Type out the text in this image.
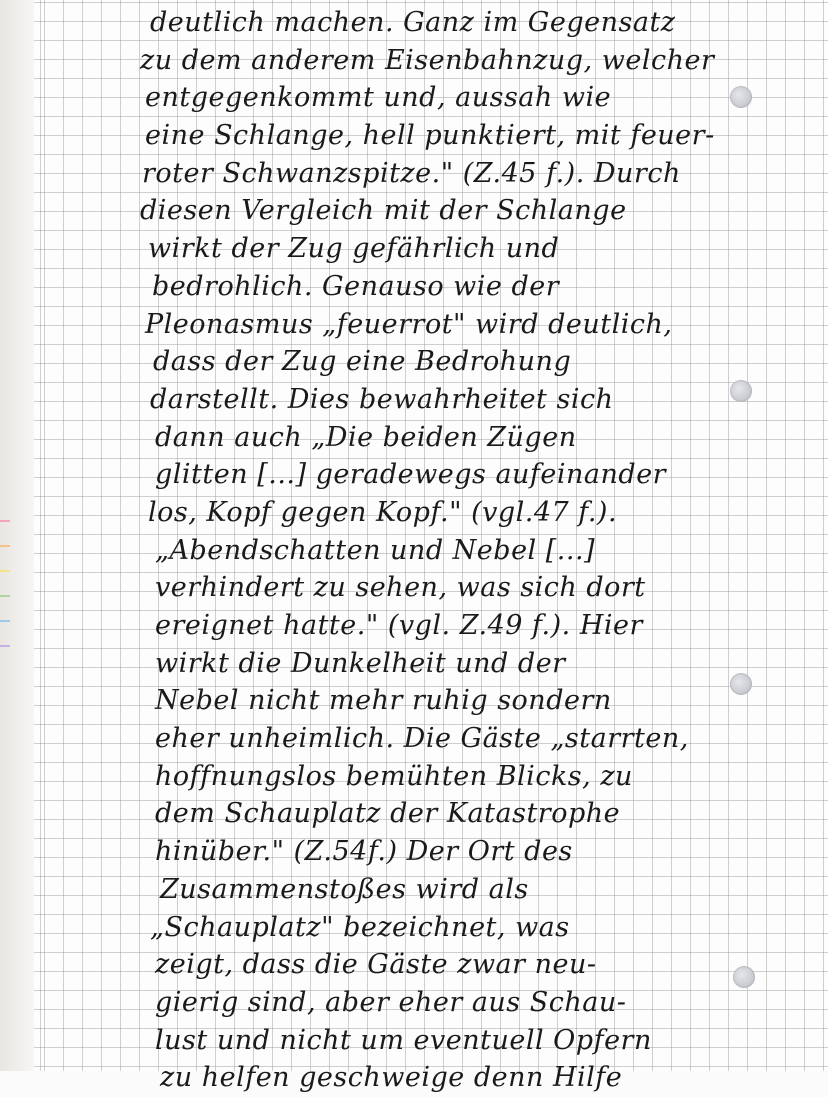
deutlich machen. Ganz im Gegensatz
zu dem anderem Eisenbahnzug, welcher
entgegenkommt und, aussah wie
eine Schlange, hell punktiert, mit feuer-
roter Schwanzspitze." (Z.45 f.). Durch
diesen Vergleich mit der Schlange
wirkt der Zug gefährlich und
bedrohlich. Genauso wie der
Pleonasmus „feuerrot" wird deutlich,
dass der Zug eine Bedrohung
darstellt. Dies bewahrheitet sich
dann auch „Die beiden Zügen
glitten [...] geradewegs aufeinander
los, Kopf gegen Kopf." (vgl.47 f.).
„Abendschatten und Nebel [...]
verhindert zu sehen, was sich dort
ereignet hatte." (vgl. Z.49 f.). Hier
wirkt die Dunkelheit und der
Nebel nicht mehr ruhig sondern
eher unheimlich. Die Gäste „starrten,
hoffnungslos bemühten Blicks, zu
dem Schauplatz der Katastrophe
hinüber." (Z.54f.) Der Ort des
Zusammenstoßes wird als
„Schauplatz" bezeichnet, was
zeigt, dass die Gäste zwar neu-
gierig sind, aber eher aus Schau-
lust und nicht um eventuell Opfern
zu helfen geschweige denn Hilfe
